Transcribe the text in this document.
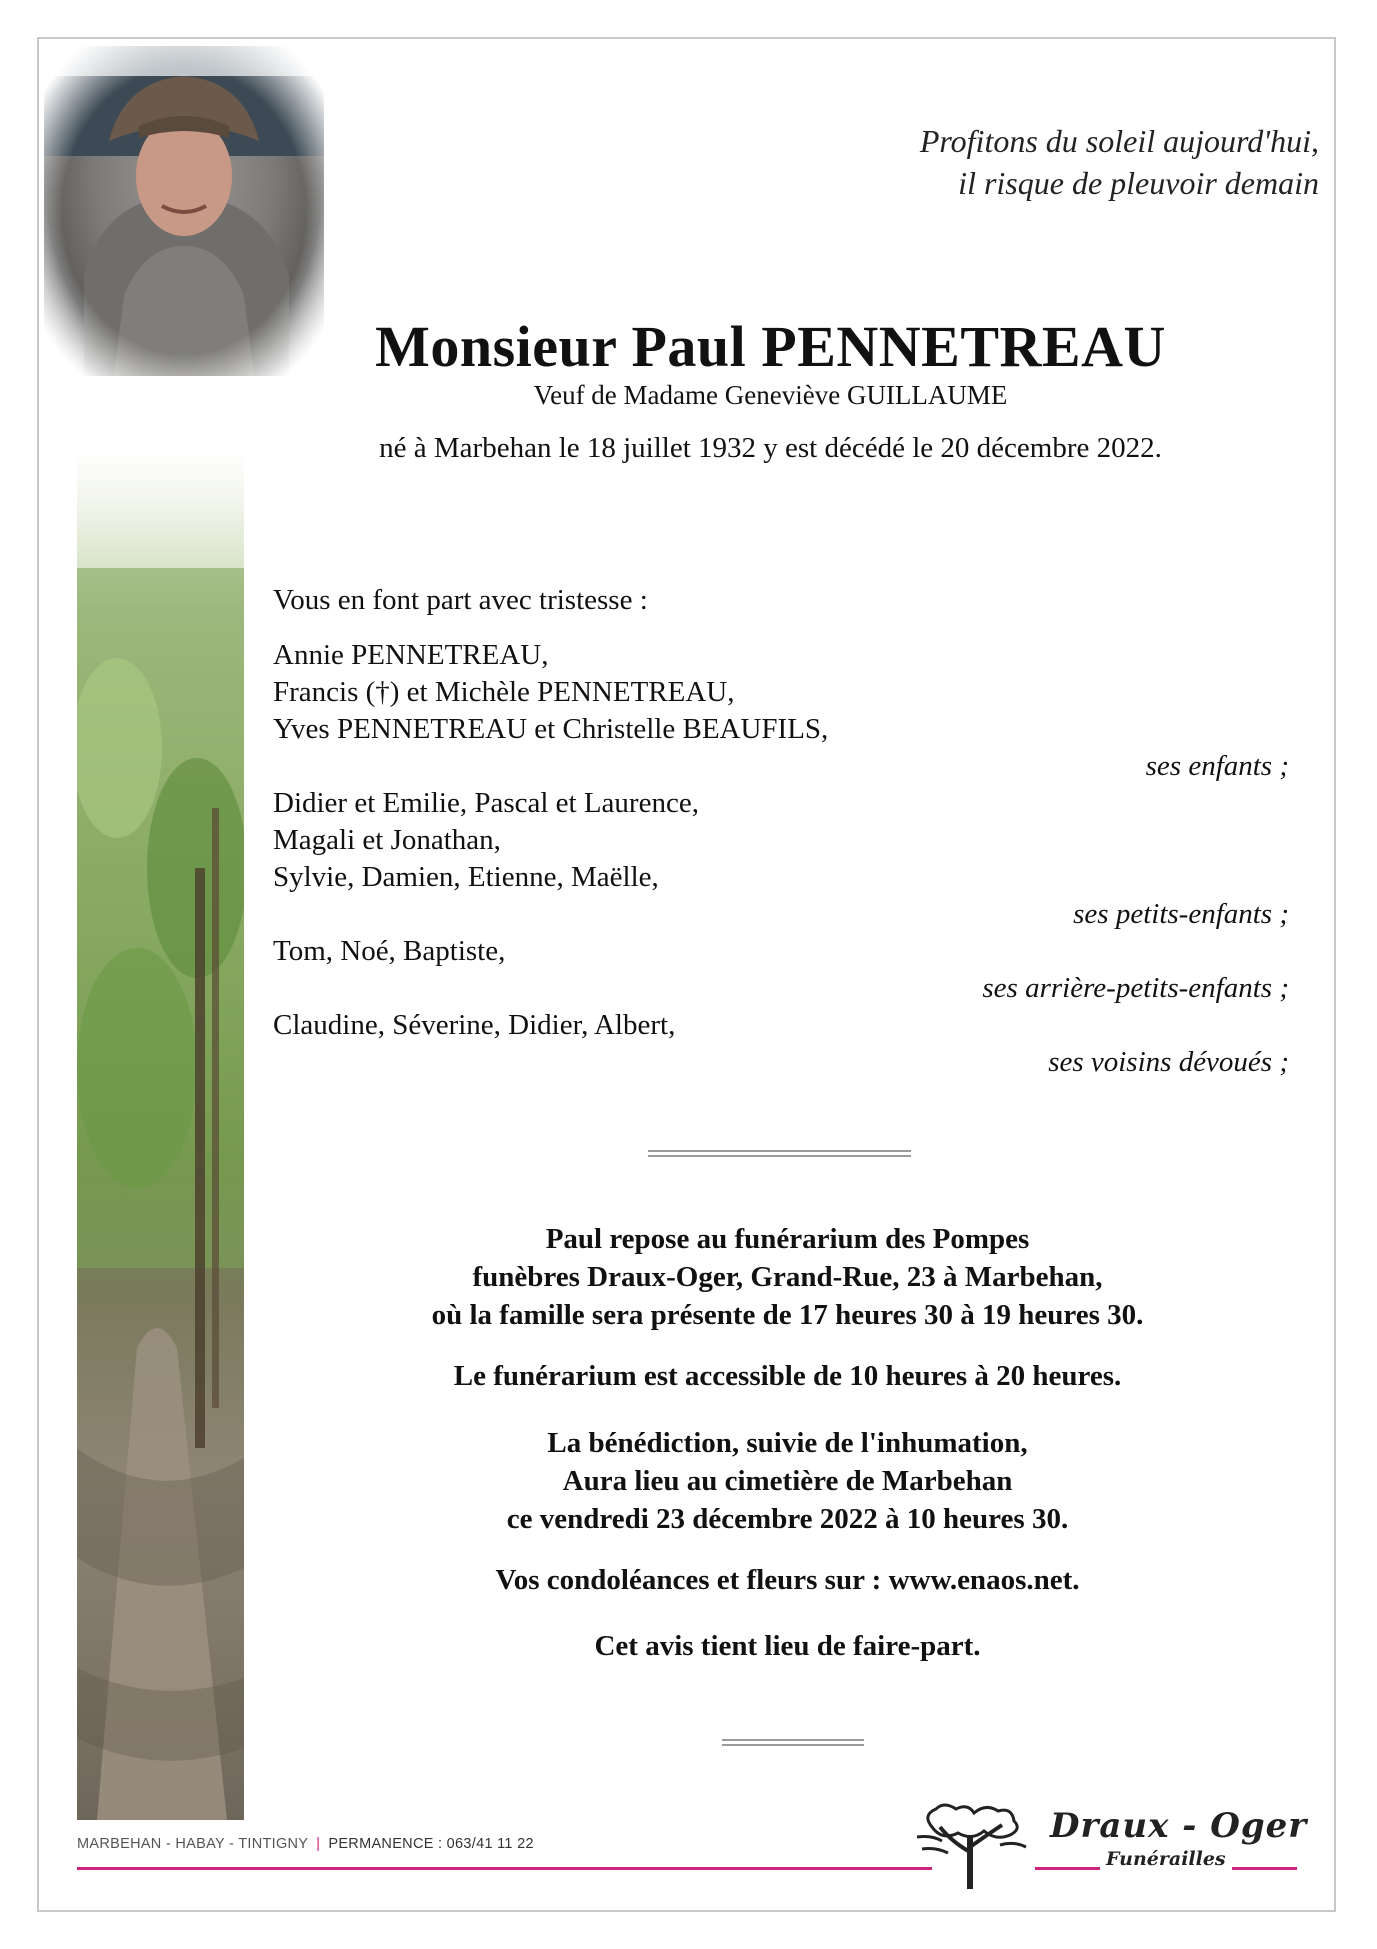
Profitons du soleil aujourd'hui,
il risque de pleuvoir demain
Monsieur Paul PENNETREAU
Veuf de Madame Geneviève GUILLAUME
né à Marbehan le 18 juillet 1932 y est décédé le 20 décembre 2022.
Vous en font part avec tristesse :
Annie PENNETREAU,
Francis (†) et Michèle PENNETREAU,
Yves PENNETREAU et Christelle BEAUFILS,
ses enfants ;
Didier et Emilie, Pascal et Laurence,
Magali et Jonathan,
Sylvie, Damien, Etienne, Maëlle,
ses petits-enfants ;
Tom, Noé, Baptiste,
ses arrière-petits-enfants ;
Claudine, Séverine, Didier, Albert,
ses voisins dévoués ;
Paul repose au funérarium des Pompes
funèbres Draux-Oger, Grand-Rue, 23 à Marbehan,
où la famille sera présente de 17 heures 30 à 19 heures 30.
Le funérarium est accessible de 10 heures à 20 heures.
La bénédiction, suivie de l'inhumation,
Aura lieu au cimetière de Marbehan
ce vendredi 23 décembre 2022 à 10 heures 30.
Vos condoléances et fleurs sur : www.enaos.net.
Cet avis tient lieu de faire-part.
MARBEHAN - HABAY - TINTIGNY | PERMANENCE : 063/41 11 22	Draux - Oger
Funérailles
